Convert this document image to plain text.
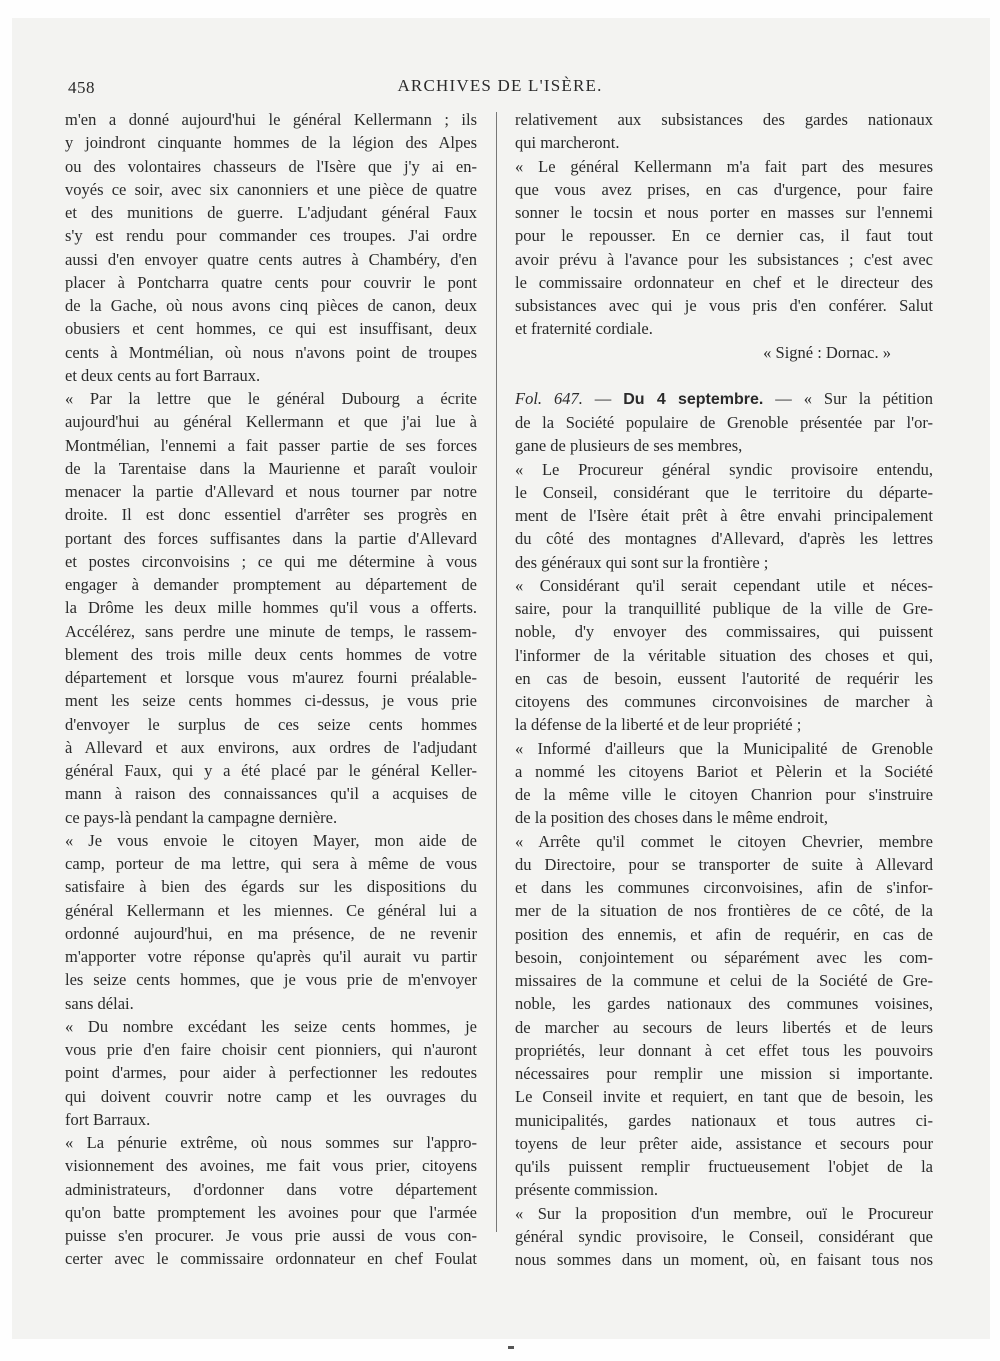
458	ARCHIVES DE L'ISÈRE.
m'en a donné aujourd'hui le général Kellermann ; ils
y joindront cinquante hommes de la légion des Alpes
ou des volontaires chasseurs de l'Isère que j'y ai en-
voyés ce soir, avec six canonniers et une pièce de quatre
et des munitions de guerre. L'adjudant général Faux
s'y est rendu pour commander ces troupes. J'ai ordre
aussi d'en envoyer quatre cents autres à Chambéry, d'en
placer à Pontcharra quatre cents pour couvrir le pont
de la Gache, où nous avons cinq pièces de canon, deux
obusiers et cent hommes, ce qui est insuffisant, deux
cents à Montmélian, où nous n'avons point de troupes
et deux cents au fort Barraux.
« Par la lettre que le général Dubourg a écrite
aujourd'hui au général Kellermann et que j'ai lue à
Montmélian, l'ennemi a fait passer partie de ses forces
de la Tarentaise dans la Maurienne et paraît vouloir
menacer la partie d'Allevard et nous tourner par notre
droite. Il est donc essentiel d'arrêter ses progrès en
portant des forces suffisantes dans la partie d'Allevard
et postes circonvoisins ; ce qui me détermine à vous
engager à demander promptement au département de
la Drôme les deux mille hommes qu'il vous a offerts.
Accélérez, sans perdre une minute de temps, le rassem-
blement des trois mille deux cents hommes de votre
département et lorsque vous m'aurez fourni préalable-
ment les seize cents hommes ci-dessus, je vous prie
d'envoyer le surplus de ces seize cents hommes
à Allevard et aux environs, aux ordres de l'adjudant
général Faux, qui y a été placé par le général Keller-
mann à raison des connaissances qu'il a acquises de
ce pays-là pendant la campagne dernière.
« Je vous envoie le citoyen Mayer, mon aide de
camp, porteur de ma lettre, qui sera à même de vous
satisfaire à bien des égards sur les dispositions du
général Kellermann et les miennes. Ce général lui a
ordonné aujourd'hui, en ma présence, de ne revenir
m'apporter votre réponse qu'après qu'il aurait vu partir
les seize cents hommes, que je vous prie de m'envoyer
sans délai.
« Du nombre excédant les seize cents hommes, je
vous prie d'en faire choisir cent pionniers, qui n'auront
point d'armes, pour aider à perfectionner les redoutes
qui doivent couvrir notre camp et les ouvrages du
fort Barraux.
« La pénurie extrême, où nous sommes sur l'appro-
visionnement des avoines, me fait vous prier, citoyens
administrateurs, d'ordonner dans votre département
qu'on batte promptement les avoines pour que l'armée
puisse s'en procurer. Je vous prie aussi de vous con-
certer avec le commissaire ordonnateur en chef Foulat
relativement aux subsistances des gardes nationaux
qui marcheront.
« Le général Kellermann m'a fait part des mesures
que vous avez prises, en cas d'urgence, pour faire
sonner le tocsin et nous porter en masses sur l'ennemi
pour le repousser. En ce dernier cas, il faut tout
avoir prévu à l'avance pour les subsistances ; c'est avec
le commissaire ordonnateur en chef et le directeur des
subsistances avec qui je vous pris d'en conférer. Salut
et fraternité cordiale.
« Signé : Dornac. »
Fol. 647. — Du 4 septembre. — « Sur la pétition
de la Société populaire de Grenoble présentée par l'or-
gane de plusieurs de ses membres,
« Le Procureur général syndic provisoire entendu,
le Conseil, considérant que le territoire du départe-
ment de l'Isère était prêt à être envahi principalement
du côté des montagnes d'Allevard, d'après les lettres
des généraux qui sont sur la frontière ;
« Considérant qu'il serait cependant utile et néces-
saire, pour la tranquillité publique de la ville de Gre-
noble, d'y envoyer des commissaires, qui puissent
l'informer de la véritable situation des choses et qui,
en cas de besoin, eussent l'autorité de requérir les
citoyens des communes circonvoisines de marcher à
la défense de la liberté et de leur propriété ;
« Informé d'ailleurs que la Municipalité de Grenoble
a nommé les citoyens Bariot et Pèlerin et la Société
de la même ville le citoyen Chanrion pour s'instruire
de la position des choses dans le même endroit,
« Arrête qu'il commet le citoyen Chevrier, membre
du Directoire, pour se transporter de suite à Allevard
et dans les communes circonvoisines, afin de s'infor-
mer de la situation de nos frontières de ce côté, de la
position des ennemis, et afin de requérir, en cas de
besoin, conjointement ou séparément avec les com-
missaires de la commune et celui de la Société de Gre-
noble, les gardes nationaux des communes voisines,
de marcher au secours de leurs libertés et de leurs
propriétés, leur donnant à cet effet tous les pouvoirs
nécessaires pour remplir une mission si importante.
Le Conseil invite et requiert, en tant que de besoin, les
municipalités, gardes nationaux et tous autres ci-
toyens de leur prêter aide, assistance et secours pour
qu'ils puissent remplir fructueusement l'objet de la
présente commission.
« Sur la proposition d'un membre, ouï le Procureur
général syndic provisoire, le Conseil, considérant que
nous sommes dans un moment, où, en faisant tous nos
